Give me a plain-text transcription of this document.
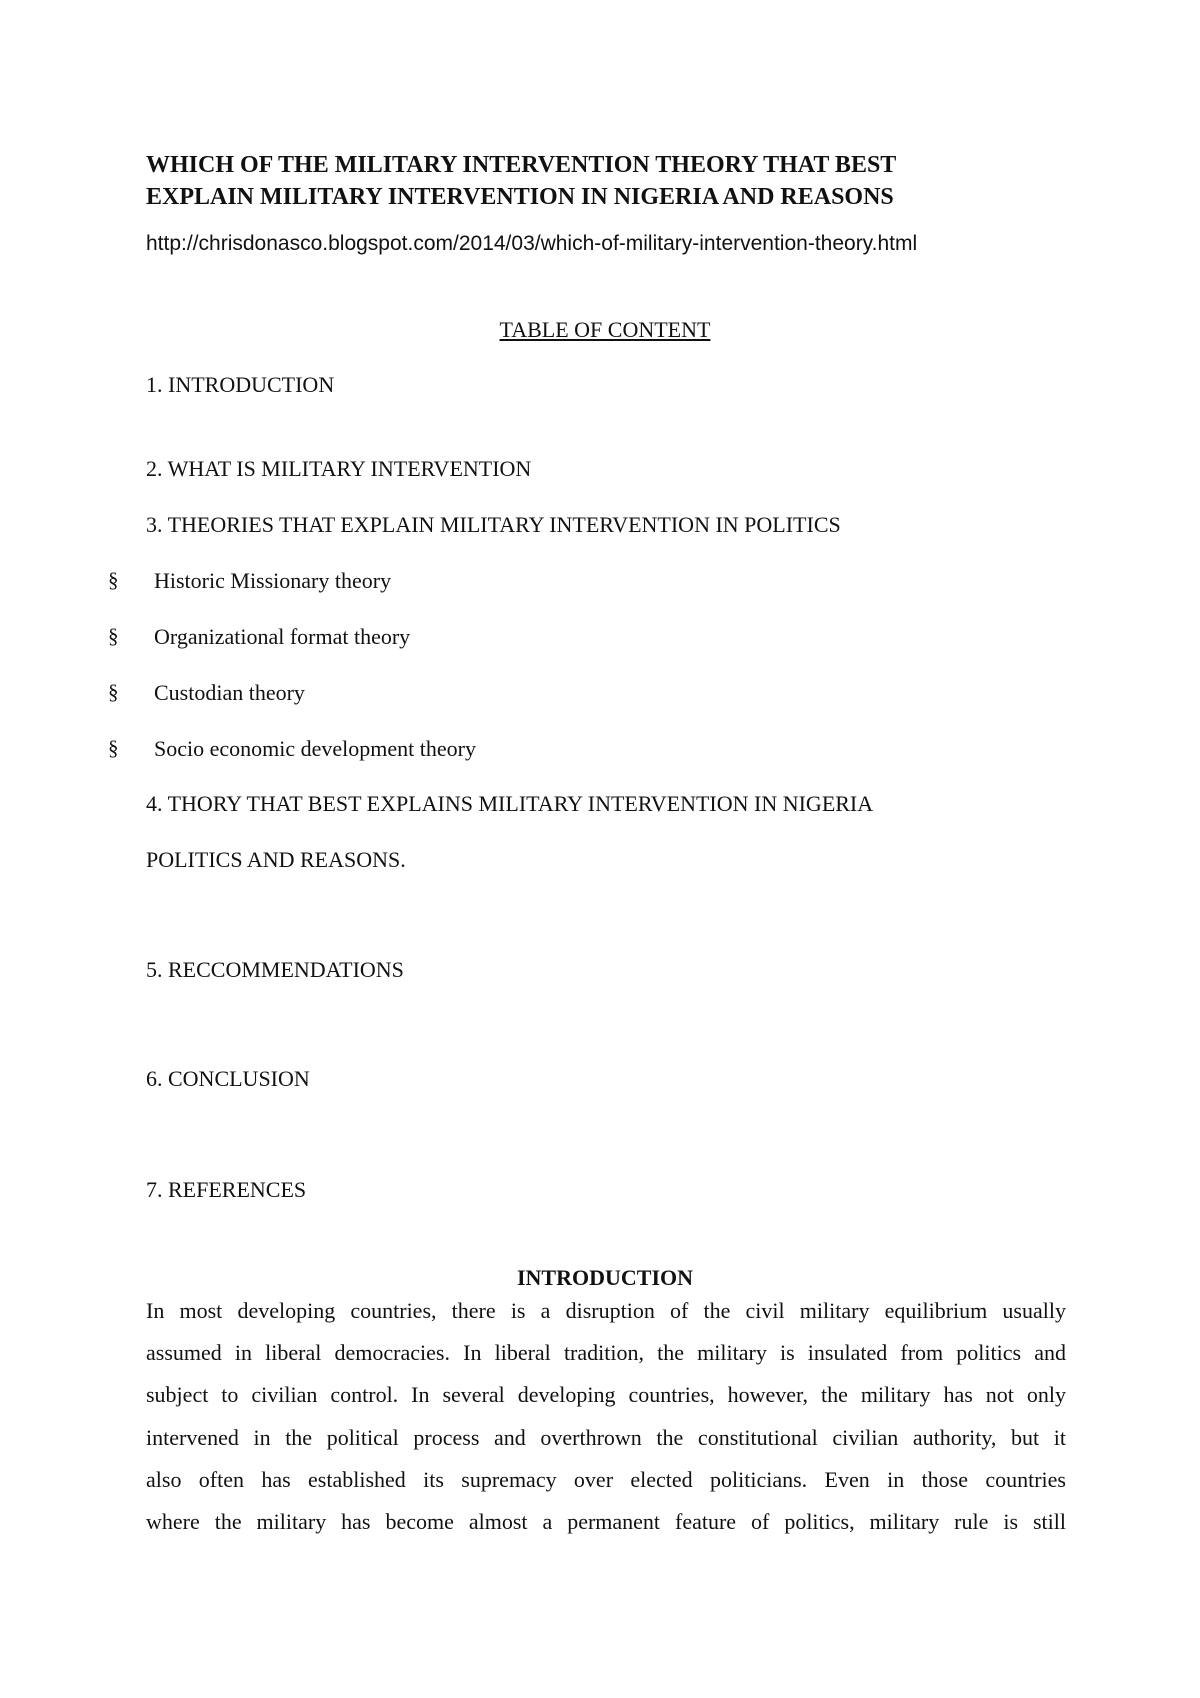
WHICH OF THE MILITARY INTERVENTION THEORY THAT BEST
EXPLAIN MILITARY INTERVENTION IN NIGERIA AND REASONS
http://chrisdonasco.blogspot.com/2014/03/which-of-military-intervention-theory.html
TABLE OF CONTENT
1. INTRODUCTION
2. WHAT IS MILITARY INTERVENTION
3. THEORIES THAT EXPLAIN MILITARY INTERVENTION IN POLITICS
§ Historic Missionary theory
§ Organizational format theory
§ Custodian theory
§ Socio economic development theory
4. THORY THAT BEST EXPLAINS MILITARY INTERVENTION IN NIGERIA
POLITICS AND REASONS.
5. RECCOMMENDATIONS
6. CONCLUSION
7. REFERENCES
INTRODUCTION
In most developing countries, there is a disruption of the civil military equilibrium usually
assumed in liberal democracies. In liberal tradition, the military is insulated from politics and
subject to civilian control. In several developing countries, however, the military has not only
intervened in the political process and overthrown the constitutional civilian authority, but it
also often has established its supremacy over elected politicians. Even in those countries
where the military has become almost a permanent feature of politics, military rule is still
